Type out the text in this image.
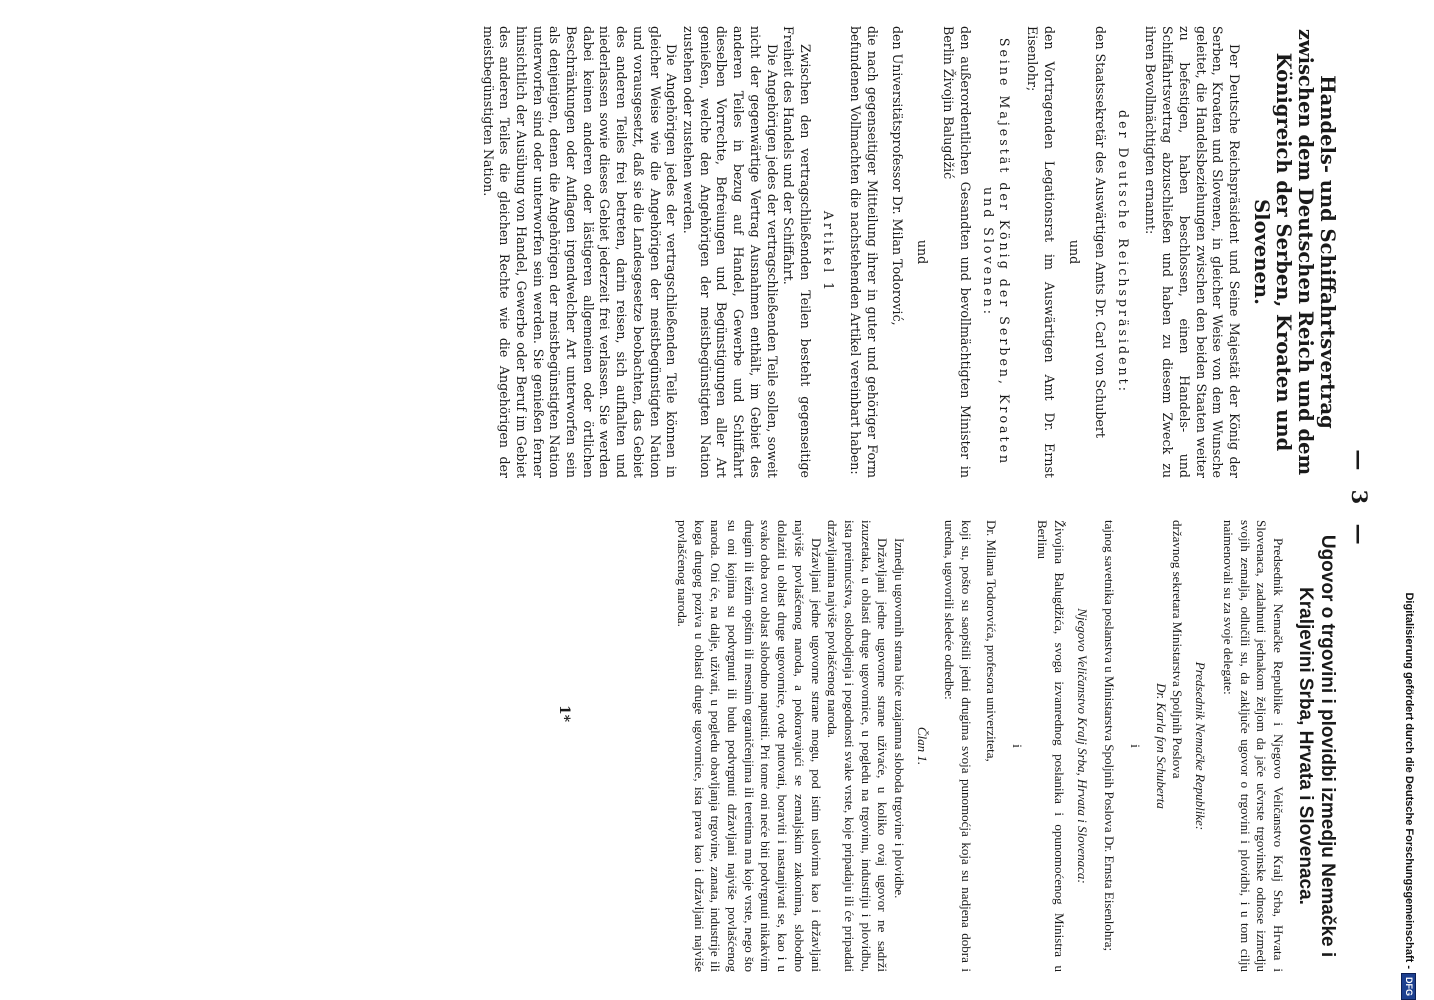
— 3 —
Handels- und Schiffahrtsvertrag zwischen dem Deutschen Reich und dem Königreich der Serben, Kroaten und Slovenen.

Der Deutsche Reichspräsident und Seine Majestät der König der Serben, Kroaten und Slovenen, in gleicher Weise von dem Wunsche geleitet, die Handelsbeziehungen zwischen den beiden Staaten weiter zu befestigen, haben beschlossen, einen Handels- und Schiffahrtsvertrag abzuschließen und haben zu diesem Zweck zu ihren Bevollmächtigten ernannt:

der Deutsche Reichspräsident:

den Staatssekretär des Auswärtigen Amts Dr. Carl von Schubert

und

den Vortragenden Legationsrat im Auswärtigen Amt Dr. Ernst Eisenlohr;

Seine Majestät der König der Serben, Kroaten und Slovenen:

den außerordentlichen Gesandten und bevollmächtigten Minister in Berlin Živojin Balugdžić

und

den Universitätsprofessor Dr. Milan Todorović,

die nach gegenseitiger Mitteilung ihrer in guter und gehöriger Form befundenen Vollmachten die nachstehenden Artikel vereinbart haben:

Artikel 1

Zwischen den vertragschließenden Teilen besteht gegenseitige Freiheit des Handels und der Schiffahrt.

Die Angehörigen jedes der vertragschließenden Teile sollen, soweit nicht der gegenwärtige Vertrag Ausnahmen enthält, im Gebiet des anderen Teiles in bezug auf Handel, Gewerbe und Schiffahrt dieselben Vorrechte, Befreiungen und Begünstigungen aller Art genießen, welche den Angehörigen der meistbegünstigten Nation zustehen oder zustehen werden.

Die Angehörigen jedes der vertragschließenden Teile können in gleicher Weise wie die Angehörigen der meistbegünstigten Nation und vorausgesetzt, daß sie die Landesgesetze beobachten, das Gebiet des anderen Teiles frei betreten, darin reisen, sich aufhalten und niederlassen sowie dieses Gebiet jederzeit frei verlassen. Sie werden dabei keinen anderen oder lästigeren allgemeinen oder örtlichen Beschränkungen oder Auflagen irgendwelcher Art unterworfen sein als denjenigen, denen die Angehörigen der meistbegünstigten Nation unterworfen sind oder unterworfen sein werden. Sie genießen ferner hinsichtlich der Ausübung von Handel, Gewerbe oder Beruf im Gebiet des anderen Teiles die gleichen Rechte wie die Angehörigen der meistbegünstigten Nation.

Ugovor o trgovini i plovidbi izmedju Nemačke i Kraljevini Srba, Hrvata i Slovenaca.

Predsednik Nemačke Republike i Njegovo Veličanstvo Kralj Srba, Hrvata i Slovenaca, zadahnuti jednakom željom da jače učvrste trgovinske odnose izmedju svojih zemalja, odlučili su, da zaključe ugovor o trgovini i plovidbi, i u tom cilju naimenovali su za svoje delegate:

Predsednik Nemačke Republike:

državnog sekretara Ministarstva Spoljnih Poslova

Dr. Karla fon Schuberta

i

tajnog savetnika poslanstva u Ministarstva Spoljnih Poslova Dr. Ernsta Eisenlohra;

Njegovo Veličanstvo Kralj Srba, Hrvata i Slovenaca:

Živojina Balugdžića, svoga izvanrednog poslanika i opunomoćenog Ministra u Berlinu

i

Dr. Milana Todorovića, profesora univerziteta,

koji su, pošto su saopštili jedni drugima svoja punomoćja koja su nadjena dobra i uredna, ugovorili sledeće odredbe:

Član 1.

Izmedju ugovornih strana biće uzajamna sloboda trgovine i plovidbe.

Državljani jedne ugovorne strane uživaće, u koliko ovaj ugovor ne sadrži izuzetaka, u oblasti druge ugovornice, u pogledu na trgovinu, industriju i plovidbu, ista preimućstva, oslobodjenja i pogodnosti svake vrste, koje pripadaju ili će pripadati državljanima najviše povlašćenog naroda.

Državljani jedne ugovorne strane mogu, pod istim uslovima kao i državljani najviše povlašćenog naroda, a pokoravajući se zemaljskim zakonima, slobodno dolaziti u oblast druge ugovornice, ovde putovati, boraviti i nastanjivati se, kao i u svako doba ovu oblast slobodno napustiti. Pri tome oni neće biti podvrgnuti nikakvim drugim ili težim opštim ili mesnim ograničenjima ili teretima ma koje vrste, nego što su oni kojima su podvrgnuti ili budu podvrgnuti državljani najviše povlašćenog naroda. Oni će, na dalje, uživati, u pogledu obavljanja trgovine, zanata, industrije ili koga drugog poziva u oblasti druge ugovornice, ista prava kao i državljani najviše povlašćenog naroda.

1*	Digitalisierung gefördert durch die Deutsche Forschungsgemeinschaft -DFG
